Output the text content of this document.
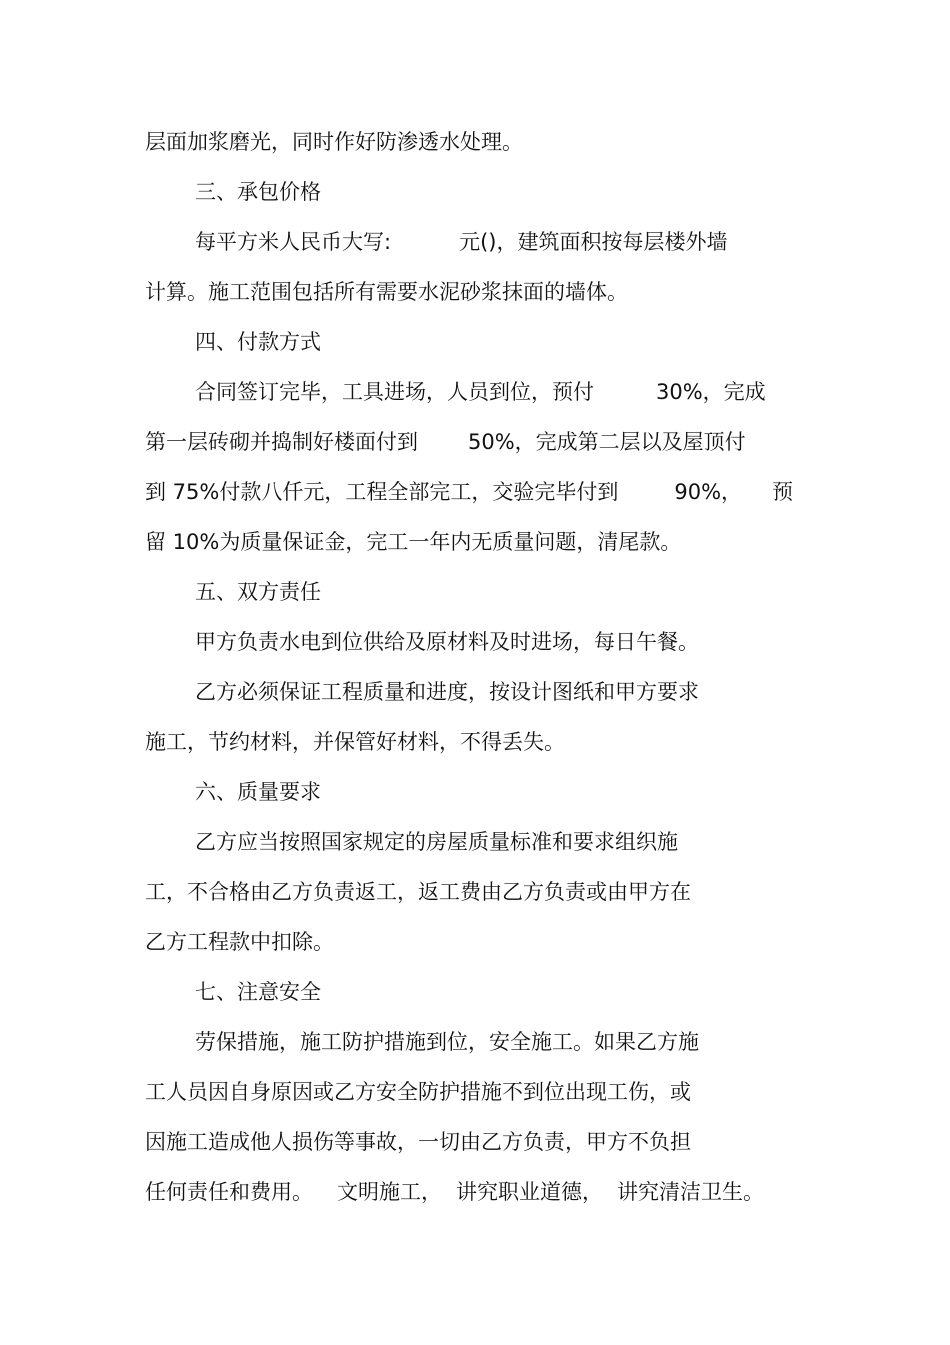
层面加浆磨光，同时作好防渗透水处理。
三、承包价格
每平方米人民币大写:	元()，建筑面积按每层楼外墙
计算。施工范围包括所有需要水泥砂浆抹面的墙体。
四、付款方式
合同签订完毕，工具进场，人员到位，预付	30%，完成
第一层砖砌并捣制好楼面付到 50%，完成第二层以及屋顶付
到 75%付款八仟元，工程全部完工，交验完毕付到	90%， 预
留 10%为质量保证金，完工一年内无质量问题，清尾款。
五、双方责任
甲方负责水电到位供给及原材料及时进场，每日午餐。
乙方必须保证工程质量和进度，按设计图纸和甲方要求
施工，节约材料，并保管好材料，不得丢失。
六、质量要求
乙方应当按照国家规定的房屋质量标准和要求组织施
工，不合格由乙方负责返工，返工费由乙方负责或由甲方在
乙方工程款中扣除。
七、注意安全
劳保措施，施工防护措施到位，安全施工。如果乙方施
工人员因自身原因或乙方安全防护措施不到位出现工伤，或
因施工造成他人损伤等事故，一切由乙方负责，甲方不负担
任何责任和费用。 文明施工， 讲究职业道德， 讲究清洁卫生。
